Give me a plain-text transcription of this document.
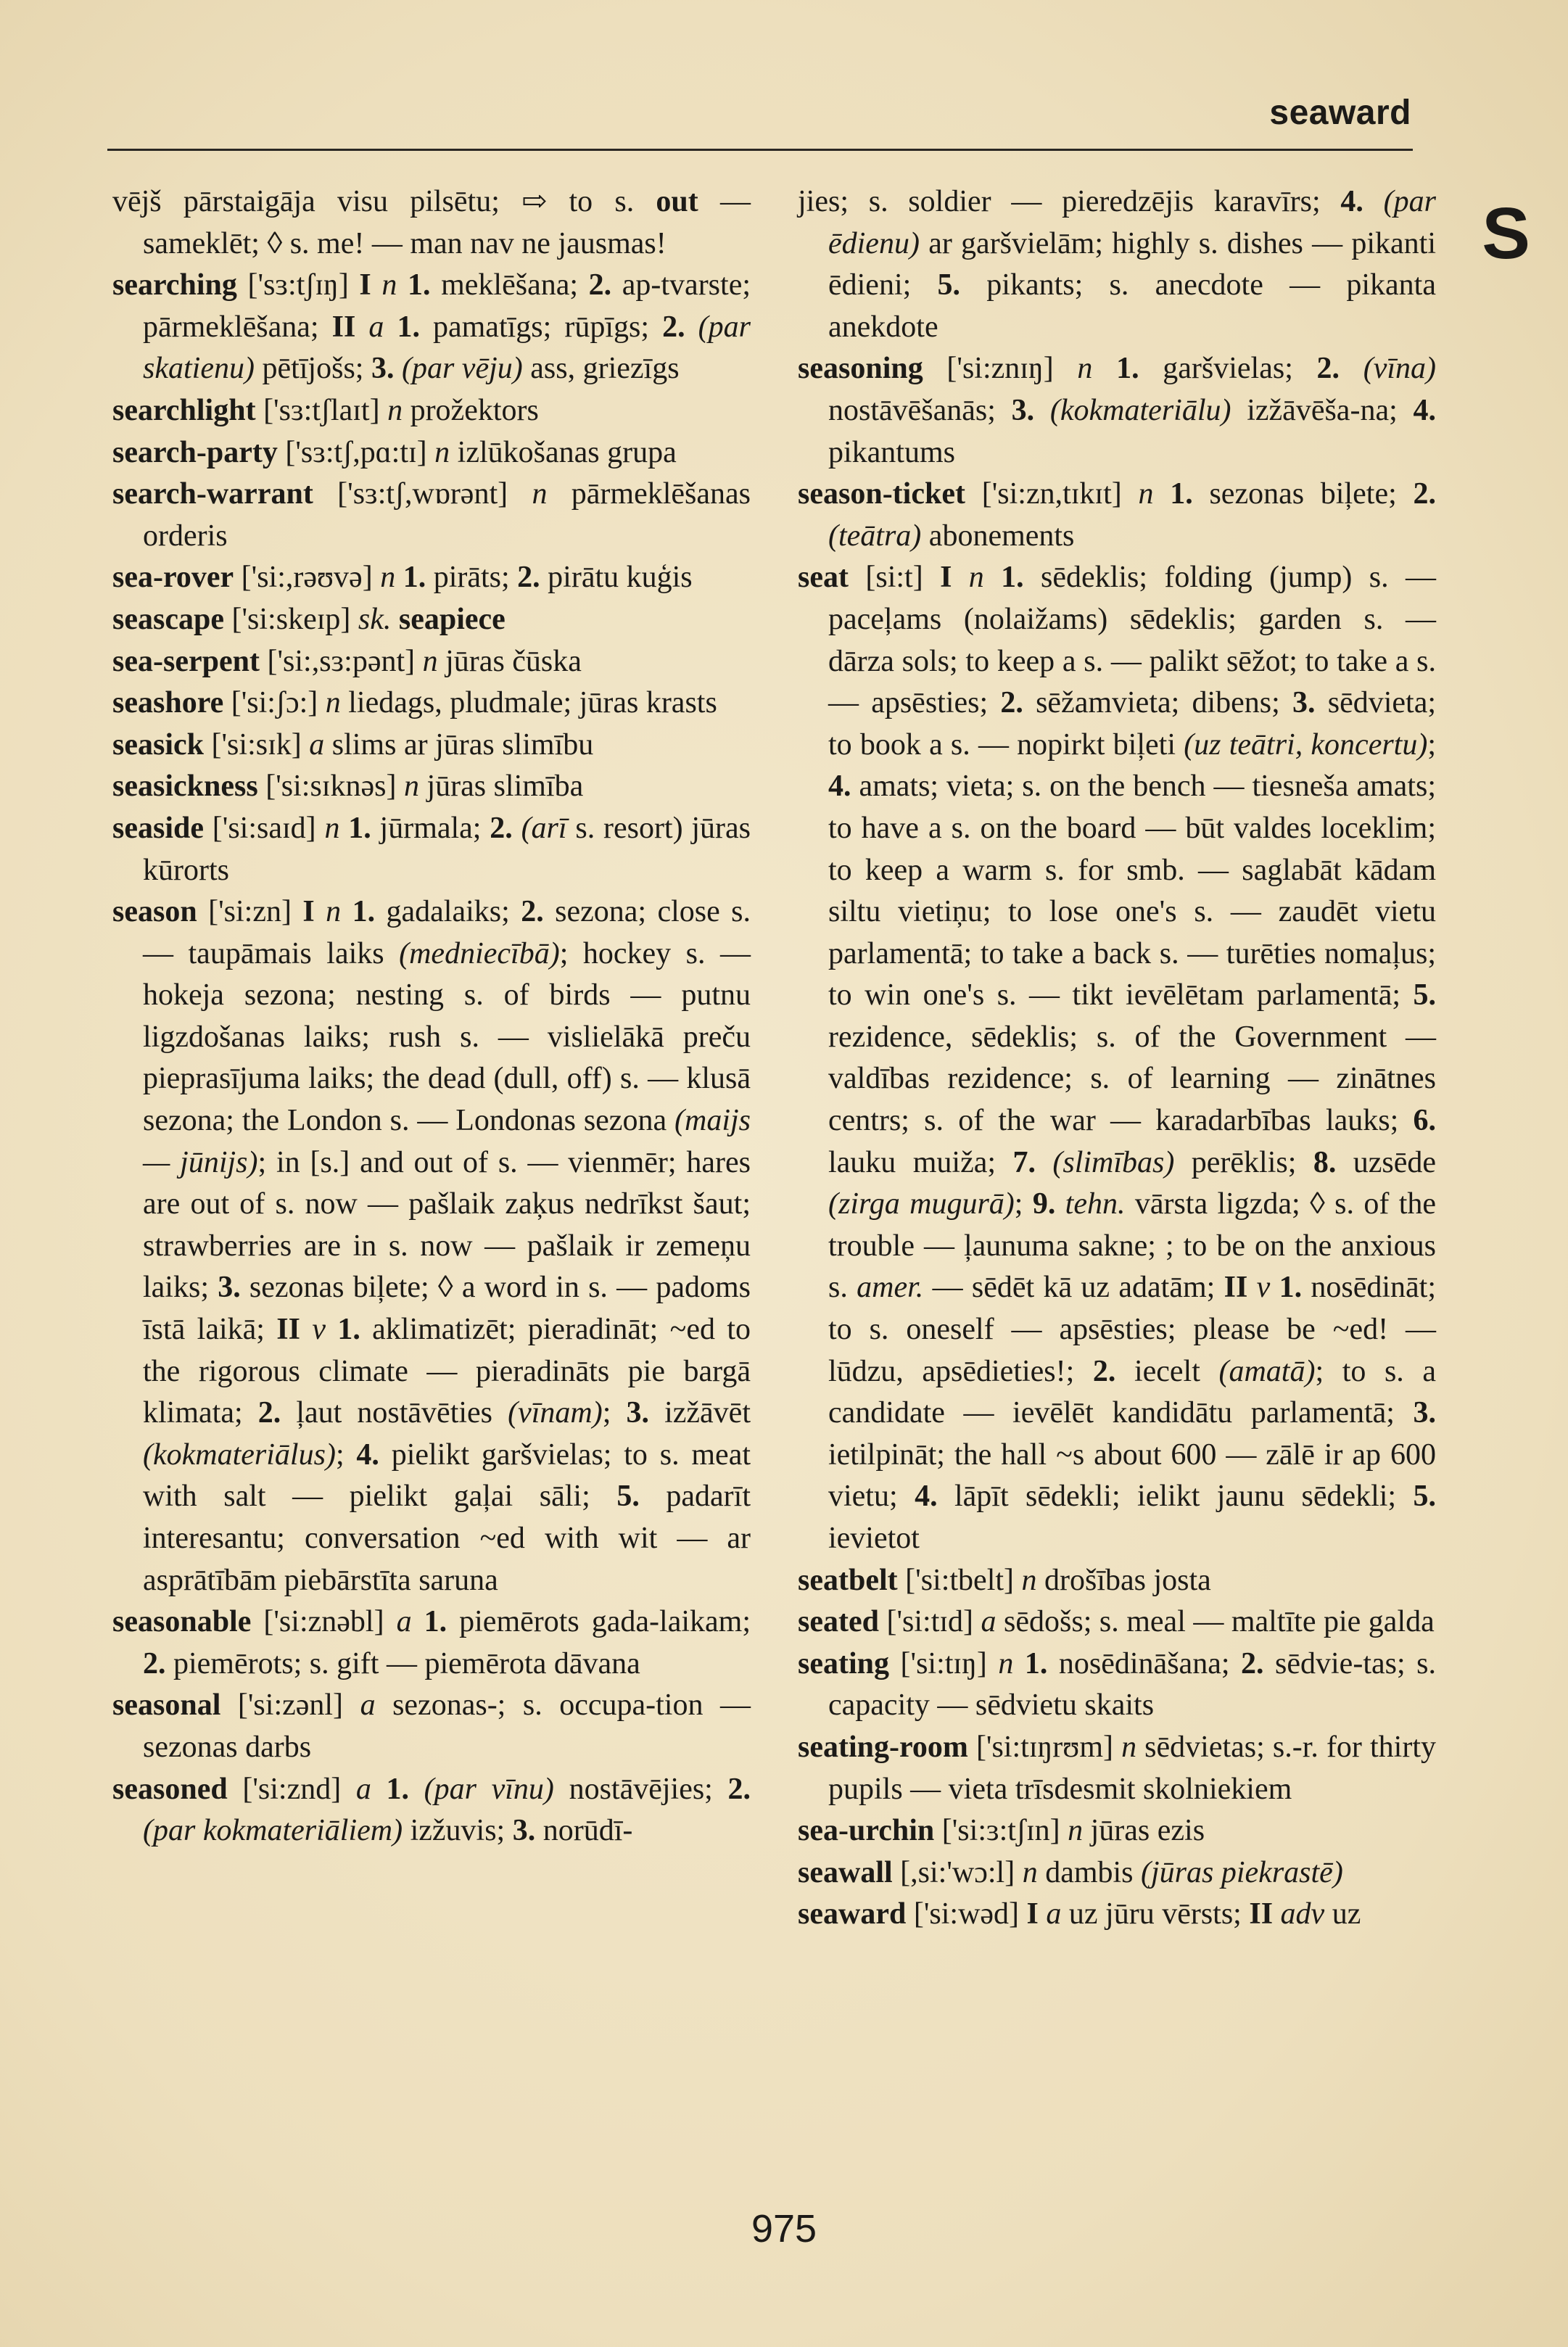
seaward
S

vējš pārstaigāja visu pilsētu; ⇨ to s. out — sameklēt; ◊ s. me! — man nav ne jausmas!

searching ['sɜ:tʃɪŋ] I n 1. meklēšana; 2. ap-tvarste; pārmeklēšana; II a 1. pamatīgs; rūpīgs; 2. (par skatienu) pētījošs; 3. (par vēju) ass, griezīgs

searchlight ['sɜ:tʃlaɪt] n prožektors

search-party ['sɜ:tʃ,pɑ:tɪ] n izlūkošanas grupa

search-warrant ['sɜ:tʃ,wɒrənt] n pārmeklēšanas orderis

sea-rover ['si:,rəʊvə] n 1. pirāts; 2. pirātu kuģis

seascape ['si:skeɪp] sk. seapiece

sea-serpent ['si:,sɜ:pənt] n jūras čūska

seashore ['si:ʃɔ:] n liedags, pludmale; jūras krasts

seasick ['si:sɪk] a slims ar jūras slimību

seasickness ['si:sɪknəs] n jūras slimība

seaside ['si:saɪd] n 1. jūrmala; 2. (arī s. resort) jūras kūrorts

season ['si:zn] I n 1. gadalaiks; 2. sezona; close s. — taupāmais laiks (medniecībā); hockey s. — hokeja sezona; nesting s. of birds — putnu ligzdošanas laiks; rush s. — vislielākā preču pieprasījuma laiks; the dead (dull, off) s. — klusā sezona; the London s. — Londonas sezona (maijs — jūnijs); in [s.] and out of s. — vienmēr; hares are out of s. now — pašlaik zaķus nedrīkst šaut; strawberries are in s. now — pašlaik ir zemeņu laiks; 3. sezonas biļete; ◊ a word in s. — padoms īstā laikā; II v 1. aklimatizēt; pieradināt; ~ed to the rigorous climate — pieradināts pie bargā klimata; 2. ļaut nostāvēties (vīnam); 3. izžāvēt (kokmateriālus); 4. pielikt garšvielas; to s. meat with salt — pielikt gaļai sāli; 5. padarīt interesantu; conversation ~ed with wit — ar asprātībām piebārstīta saruna

seasonable ['si:znəbl] a 1. piemērots gada-laikam; 2. piemērots; s. gift — piemērota dāvana

seasonal ['si:zənl] a sezonas-; s. occupa-tion — sezonas darbs

seasoned ['si:znd] a 1. (par vīnu) nostāvējies; 2. (par kokmateriāliem) izžuvis; 3. norūdī-

jies; s. soldier — pieredzējis karavīrs; 4. (par ēdienu) ar garšvielām; highly s. dishes — pikanti ēdieni; 5. pikants; s. anecdote — pikanta anekdote

seasoning ['si:znɪŋ] n 1. garšvielas; 2. (vīna) nostāvēšanās; 3. (kokmateriālu) izžāvēša-na; 4. pikantums

season-ticket ['si:zn,tɪkɪt] n 1. sezonas biļete; 2. (teātra) abonements

seat [si:t] I n 1. sēdeklis; folding (jump) s. — paceļams (nolaižams) sēdeklis; garden s. — dārza sols; to keep a s. — palikt sēžot; to take a s. — apsēsties; 2. sēžamvieta; dibens; 3. sēdvieta; to book a s. — nopirkt biļeti (uz teātri, koncertu); 4. amats; vieta; s. on the bench — tiesneša amats; to have a s. on the board — būt valdes loceklim; to keep a warm s. for smb. — saglabāt kādam siltu vietiņu; to lose one's s. — zaudēt vietu parlamentā; to take a back s. — turēties nomaļus; to win one's s. — tikt ievēlētam parlamentā; 5. rezidence, sēdeklis; s. of the Government — valdības rezidence; s. of learning — zinātnes centrs; s. of the war — karadarbības lauks; 6. lauku muiža; 7. (slimības) perēklis; 8. uzsēde (zirga mugurā); 9. tehn. vārsta ligzda; ◊ s. of the trouble — ļaunuma sakne; ; to be on the anxious s. amer. — sēdēt kā uz adatām; II v 1. nosēdināt; to s. oneself — apsēsties; please be ~ed! — lūdzu, apsēdieties!; 2. iecelt (amatā); to s. a candidate — ievēlēt kandidātu parlamentā; 3. ietilpināt; the hall ~s about 600 — zālē ir ap 600 vietu; 4. lāpīt sēdekli; ielikt jaunu sēdekli; 5. ievietot

seatbelt ['si:tbelt] n drošības josta

seated ['si:tɪd] a sēdošs; s. meal — maltīte pie galda

seating ['si:tɪŋ] n 1. nosēdināšana; 2. sēdvie-tas; s. capacity — sēdvietu skaits

seating-room ['si:tɪŋrʊm] n sēdvietas; s.-r. for thirty pupils — vieta trīsdesmit skolniekiem

sea-urchin ['si:ɜ:tʃɪn] n jūras ezis

seawall [,si:'wɔ:l] n dambis (jūras piekrastē)

seaward ['si:wəd] I a uz jūru vērsts; II adv uz

975
